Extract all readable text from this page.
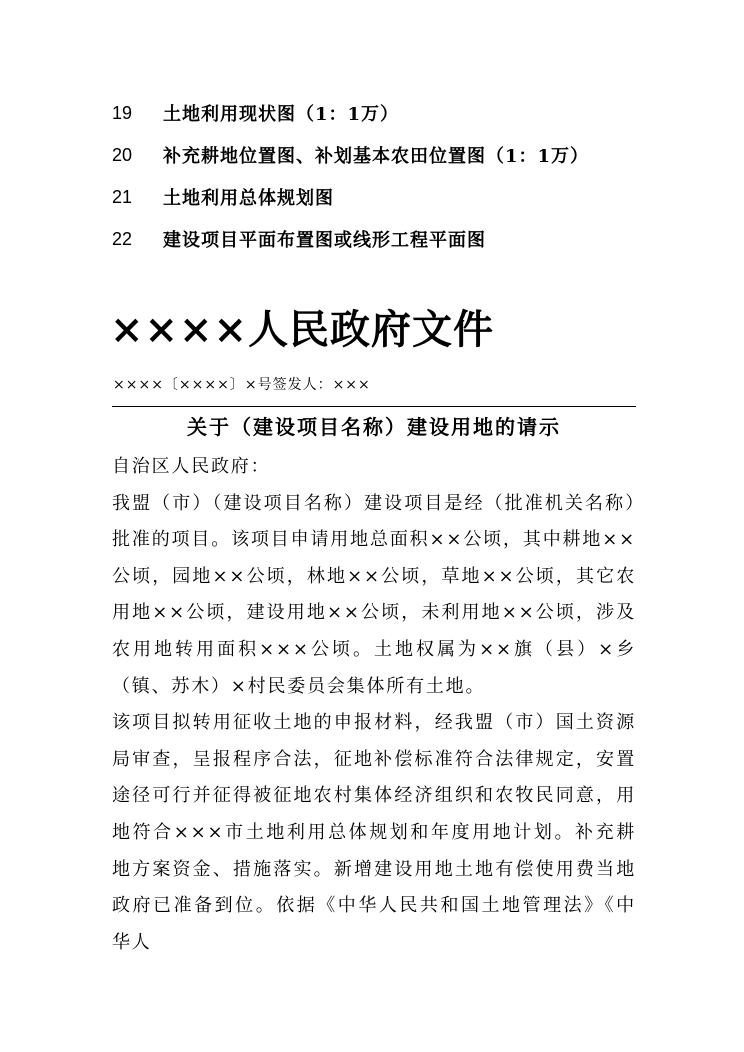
19	土地利用现状图（1：1万）
20	补充耕地位置图、补划基本农田位置图（1：1万）
21	土地利用总体规划图
22	建设项目平面布置图或线形工程平面图
××××人民政府文件
××××〔××××〕×号签发人：×××
关于（建设项目名称）建设用地的请示

自治区人民政府：

我盟（市）（建设项目名称）建设项目是经（批准机关名称）批准的项目。该项目申请用地总面积××公顷，其中耕地××公顷，园地××公顷，林地××公顷，草地××公顷，其它农用地××公顷，建设用地××公顷，未利用地××公顷，涉及农用地转用面积×××公顷。土地权属为××旗（县）×乡（镇、苏木）×村民委员会集体所有土地。

该项目拟转用征收土地的申报材料，经我盟（市）国土资源局审查，呈报程序合法，征地补偿标准符合法律规定，安置途径可行并征得被征地农村集体经济组织和农牧民同意，用地符合×××市土地利用总体规划和年度用地计划。补充耕地方案资金、措施落实。新增建设用地土地有偿使用费当地政府已准备到位。依据《中华人民共和国土地管理法》《中华人
